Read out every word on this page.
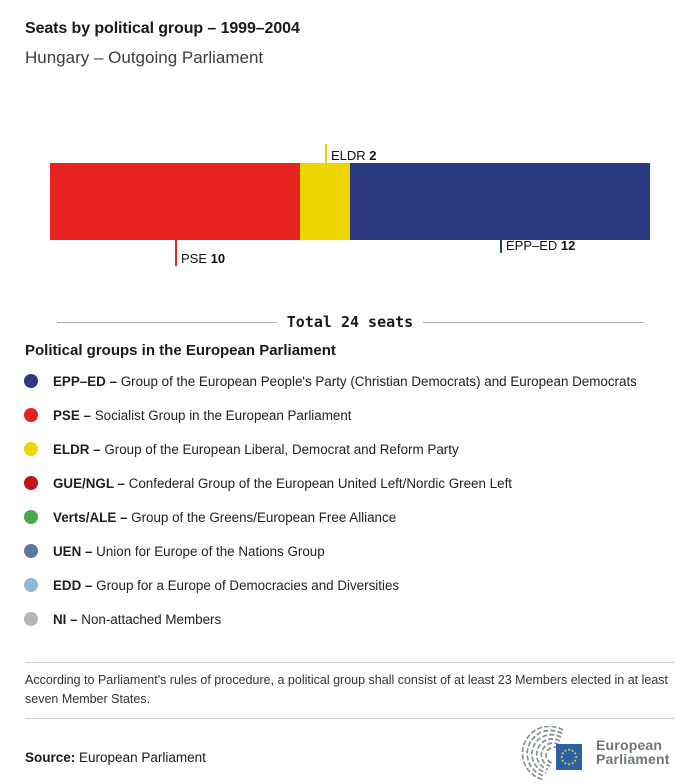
Seats by political group – 1999–2004
Hungary – Outgoing Parliament
PSE 10
ELDR 2
EPP–ED 12
Total 24 seats
Political groups in the European Parliament
EPP–ED – Group of the European People's Party (Christian Democrats) and European Democrats
PSE – Socialist Group in the European Parliament
ELDR – Group of the European Liberal, Democrat and Reform Party
GUE/NGL – Confederal Group of the European United Left/Nordic Green Left
Verts/ALE – Group of the Greens/European Free Alliance
UEN – Union for Europe of the Nations Group
EDD – Group for a Europe of Democracies and Diversities
NI – Non-attached Members
According to Parliament's rules of procedure, a political group shall consist of at least 23 Members elected in at least seven Member States.
Source: European Parliament
European
Parliament
